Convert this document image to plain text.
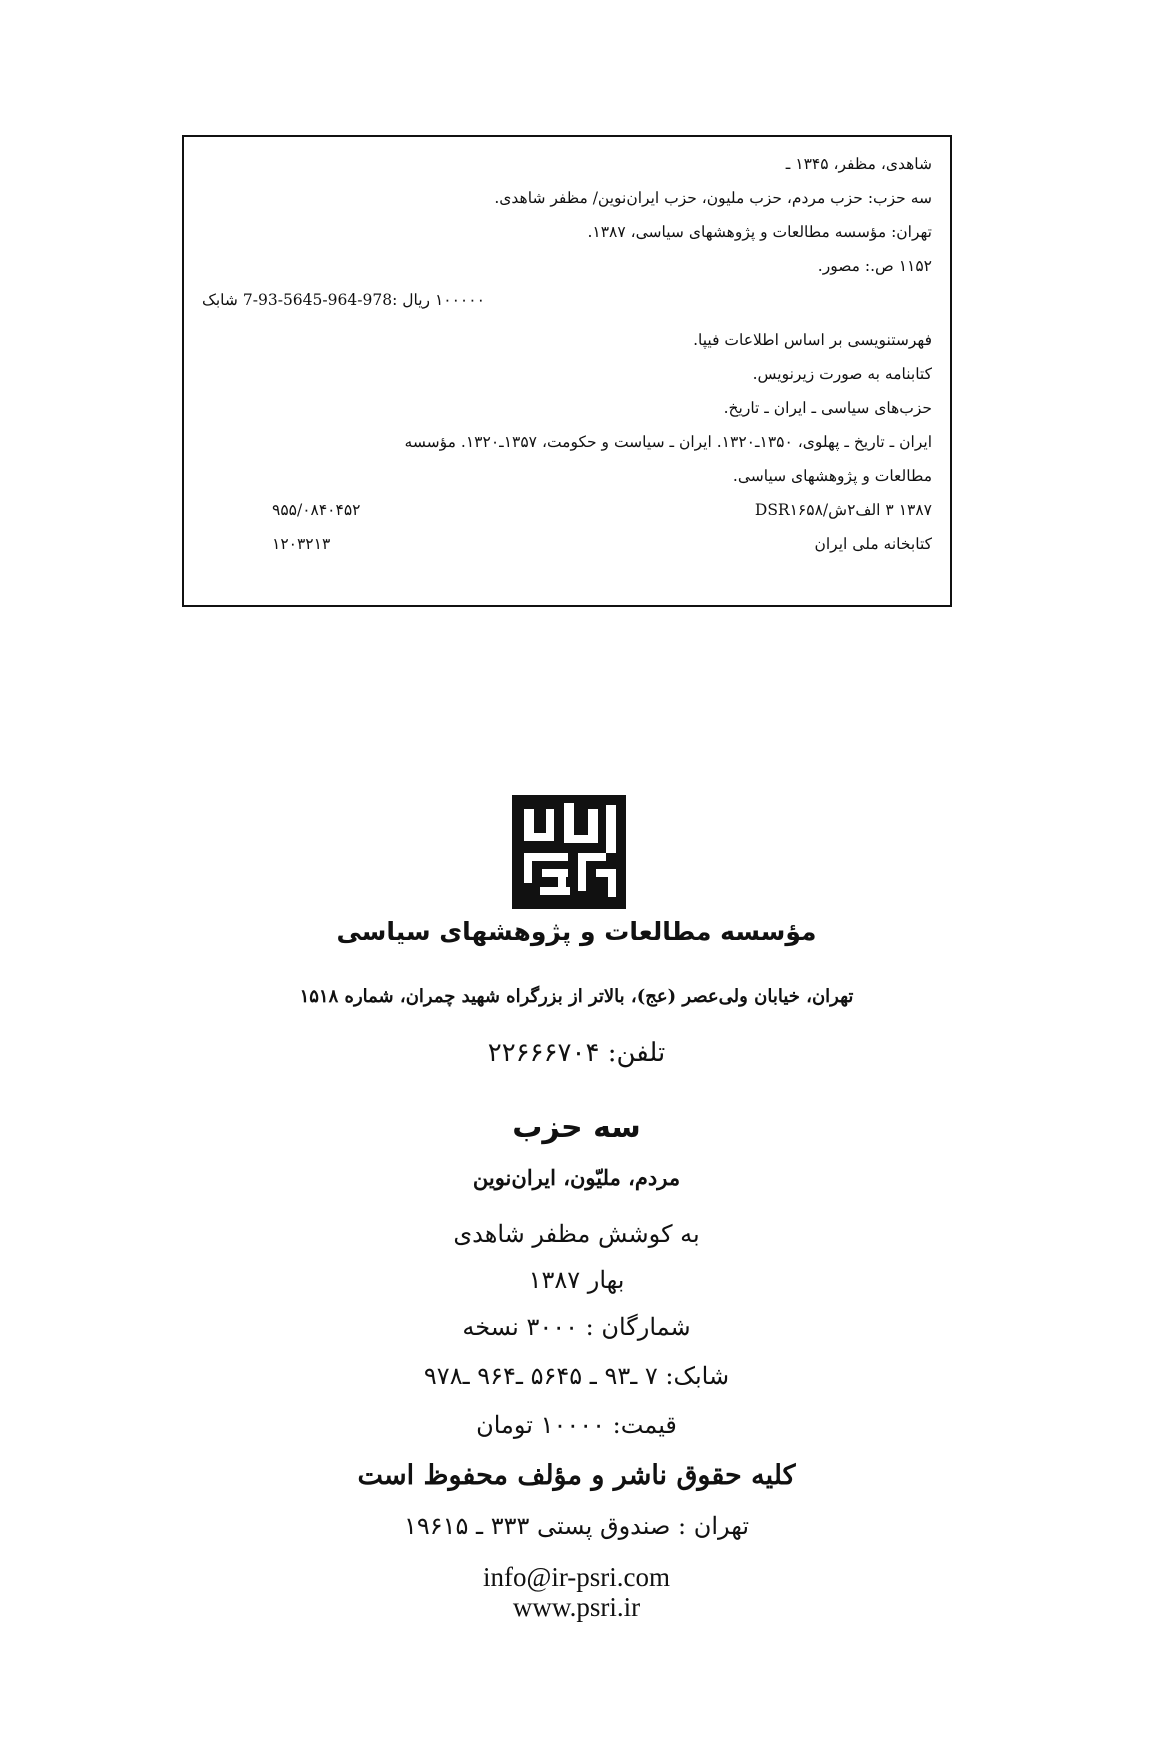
شاهدی، مظفر، ۱۳۴۵ ـ
سه حزب: حزب مردم، حزب ملیون، حزب ایران‌نوین/ مظفر شاهدی.
تهران: مؤسسه مطالعات و پژوهشهای سیاسی، ۱۳۸۷.
۱۱۵۲ ص.: مصور.
۱۰۰۰۰۰ ریال :978-964-5645-93-7 شابک
فهرستنویسی بر اساس اطلاعات فیپا.
کتابنامه به صورت زیرنویس.
حزب‌های سیاسی ـ ایران ـ تاریخ.
ایران ـ تاریخ ـ پهلوی، ۱۳۵۰ـ۱۳۲۰. ایران ـ سیاست و حکومت، ۱۳۵۷ـ۱۳۲۰. مؤسسه
مطالعات و پژوهشهای سیاسی.
۱۳۸۷ ۳ الف۲ش/DSR۱۶۵۸
۹۵۵/۰۸۴۰۴۵۲
کتابخانه ملی ایران
۱۲۰۳۲۱۳
مؤسسه مطالعات و پژوهشهای سیاسی
تهران، خیابان ولی‌عصر (عج)، بالاتر از بزرگراه شهید چمران، شماره ۱۵۱۸
تلفن: ۲۲۶۶۶۷۰۴
سه حزب
مردم، ملیّون، ایران‌نوین
به کوشش مظفر شاهدی
بهار ۱۳۸۷
شمارگان : ۳۰۰۰ نسخه
شابک: ۷ ـ۹۳ ـ ۵۶۴۵ ـ۹۶۴ ـ۹۷۸
قیمت: ۱۰۰۰۰ تومان
کلیه حقوق ناشر و مؤلف محفوظ است
تهران : صندوق پستی ۳۳۳ ـ ۱۹۶۱۵
info@ir-psri.com
www.psri.ir
